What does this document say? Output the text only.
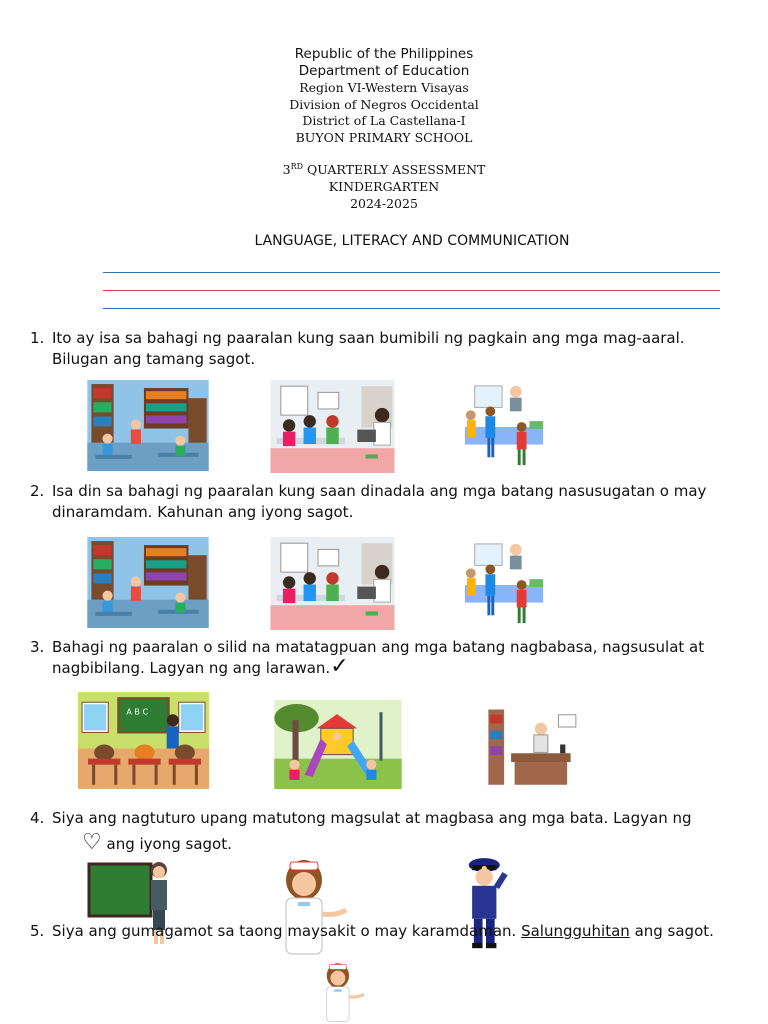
Republic of the Philippines
Department of Education
Region VI-Western Visayas
Division of Negros Occidental
District of La Castellana-I
BUYON PRIMARY SCHOOL
3RD QUARTERLY ASSESSMENT
KINDERGARTEN
2024-2025
LANGUAGE, LITERACY AND COMMUNICATION
1. Ito ay isa sa bahagi ng paaralan kung saan bumibili ng pagkain ang mga mag-aaral. Bilugan ang tamang sagot.
2. Isa din sa bahagi ng paaralan kung saan dinadala ang mga batang nasusugatan o may dinaramdam. Kahunan ang iyong sagot.
3. Bahagi ng paaralan o silid na matatagpuan ang mga batang nagbabasa, nagsusulat at nagbibilang. Lagyan ng ang larawan.✓
4. Siya ang nagtuturo upang matutong magsulat at magbasa ang mga bata. Lagyan ng ♡ ang iyong sagot.
5. Siya ang gumagamot sa taong maysakit o may karamdaman. Salungguhitan ang sagot.
